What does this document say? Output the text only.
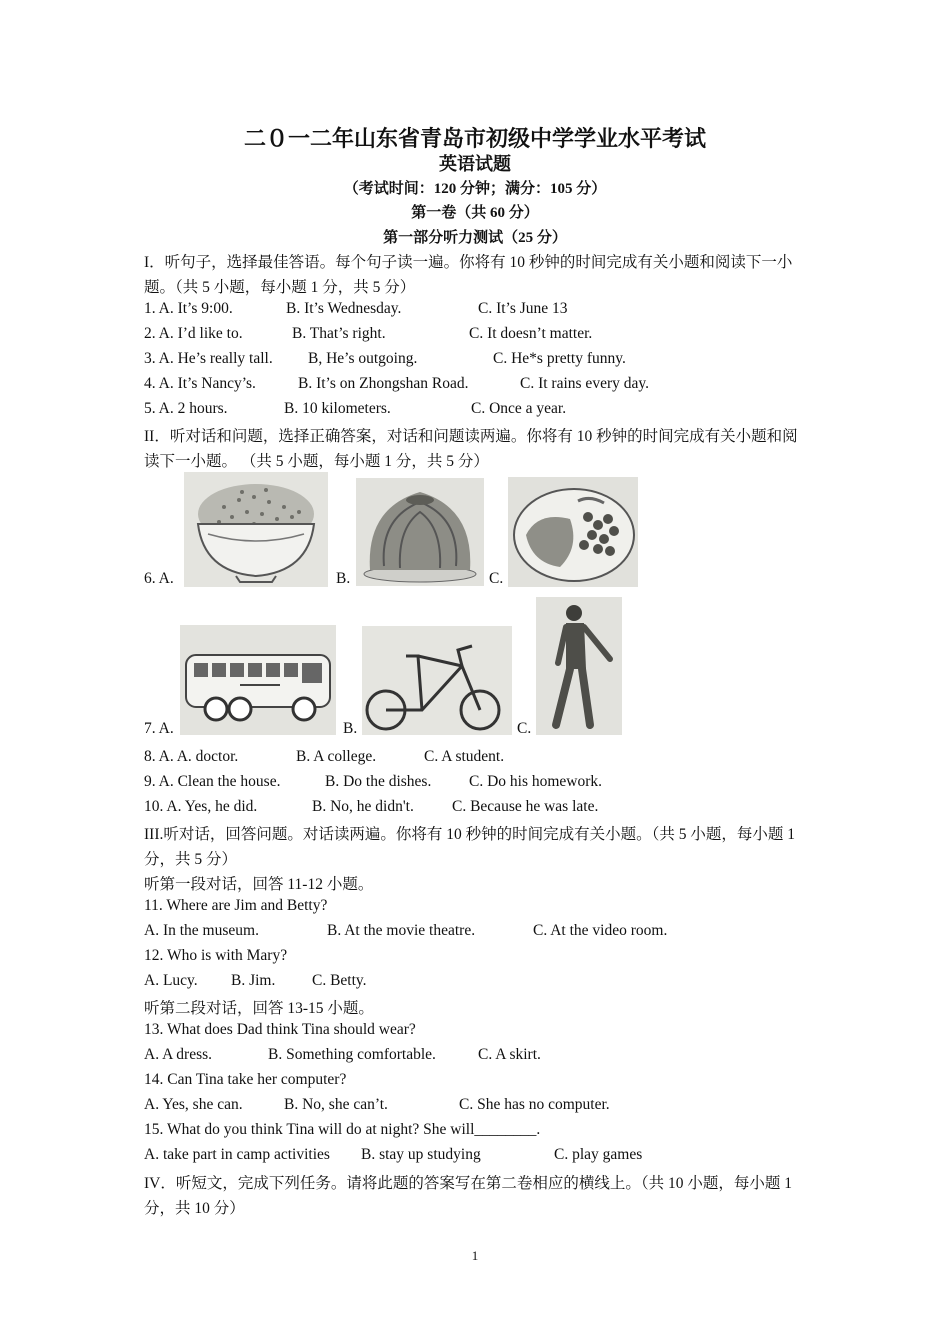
二０一二年山东省青岛市初级中学学业水平考试
英语试题
（考试时间：120 分钟；满分：105 分）
第一卷（共 60 分）
第一部分听力测试（25 分）
I．听句子，选择最佳答语。每个句子读一遍。你将有 10 秒钟的时间完成有关小题和阅读下一小题。（共 5 小题，每小题 1 分，共 5 分）
1. A. It’s 9:00.	B. It’s Wednesday.	C. It’s June 13
2. A. I’d like to.	B. That’s right.	C. It doesn’t matter.
3. A. He’s really tall. B, He’s outgoing.	C. He*s pretty funny.
4. A. It’s Nancy’s.	B. It’s on Zhongshan Road.	C. It rains every day.
5. A. 2 hours.	B. 10 kilometers.	C. Once a year.
II．听对话和问题，选择正确答案，对话和问题读两遍。你将有 10 秒钟的时间完成有关小题和阅读下一小题。 （共 5 小题，每小题 1 分，共 5 分）
6. A.	B.	C.
7. A.	B.	C.
8. A. A. doctor.	B. A college.	C. A student.
9. A. Clean the house.	B. Do the dishes. C. Do his homework.
10. A. Yes, he did.	B. No, he didn't. C. Because he was late.
III.听对话，回答问题。对话读两遍。你将有 10 秒钟的时间完成有关小题。（共 5 小题，每小题 1 分，共 5 分）
听第一段对话，回答 11-12 小题。
11. Where are Jim and Betty?
A. In the museum.	B. At the movie theatre.	C. At the video room.
12. Who is with Mary?
A. Lucy. B. Jim. C. Betty.
听第二段对话，回答 13-15 小题。
13. What does Dad think Tina should wear?
A. A dress.	B. Something comfortable.	C. A skirt.
14. Can Tina take her computer?
A. Yes, she can.	B. No, she can’t.	C. She has no computer.
15. What do you think Tina will do at night? She will________.
A. take part in camp activities B. stay up studying	C. play games
IV．听短文，完成下列任务。请将此题的答案写在第二卷相应的横线上。（共 10 小题，每小题 1 分，共 10 分）
1
